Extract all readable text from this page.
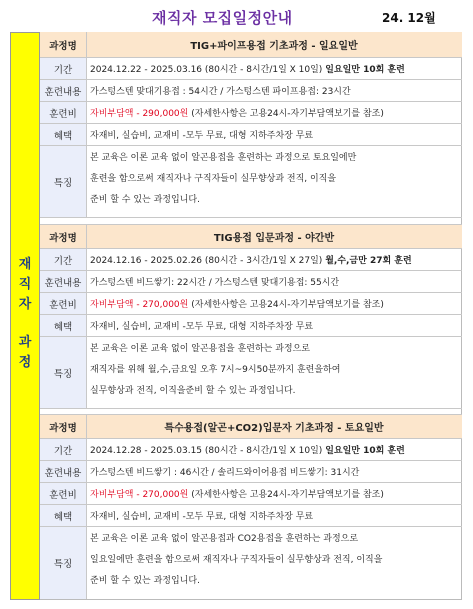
재직자 모집일정안내	24. 12월
재
직
자
과
정
과정명	TIG+파이프용접 기초과정 - 일요일반
기간	2024.12.22 - 2025.03.16 (80시간 - 8시간/1일 X 10일)
일요일만 10회 훈련
훈련내용 가스텅스텐 맞대기용접 : 54시간 / 가스텅스텐 파이프용접: 23시간
훈련비	자비부담액 - 290,000원
(자세한사항은 고용24시-자기부담액보기를 참조)
혜택	자재비, 실습비, 교재비 -모두 무료, 대형 지하주차장 무료
특징
본 교육은 이론 교육 없이 알곤용접을 훈련하는 과정으로 토요일에만
훈련을 함으로써 재직자나 구직자들이 실무향상과 전직, 이직을
준비 할 수 있는 과정입니다.
과정명	TIG용접 입문과정 - 야간반
기간	2024.12.16 - 2025.02.26 (80시간 - 3시간/1일 X 27일)
월,수,금만 27회 훈련
훈련내용 가스텅스텐 비드쌓기: 22시간 / 가스텅스텐 맞대기용접: 55시간
훈련비	자비부담액 - 270,000원
(자세한사항은 고용24시-자기부담액보기를 참조)
혜택	자재비, 실습비, 교재비 -모두 무료, 대형 지하주차장 무료
특징
본 교육은 이론 교육 없이 알곤용접을 훈련하는 과정으로
재직자를 위해 월,수,금요일 오후 7시~9시50분까지 훈련을하여
실무향상과 전직, 이직을준비 할 수 있는 과정입니다.
과정명	특수용접(알곤+CO2)입문자 기초과정 - 토요일반
기간	2024.12.28 - 2025.03.15 (80시간 - 8시간/1일 X 10일)
일요일만 10회 훈련
훈련내용 가스텅스텐 비드쌓기 : 46시간 / 솔리드와이어용접 비드쌓기: 31시간
훈련비	자비부담액 - 270,000원
(자세한사항은 고용24시-자기부담액보기를 참조)
혜택	자재비, 실습비, 교재비 -모두 무료, 대형 지하주차장 무료
특징
본 교육은 이론 교육 없이 알곤용접과 CO2용접을 훈련하는 과정으로
일요일에만 훈련을 함으로써 재직자나 구직자들이 실무향상과 전직, 이직을
준비 할 수 있는 과정입니다.
